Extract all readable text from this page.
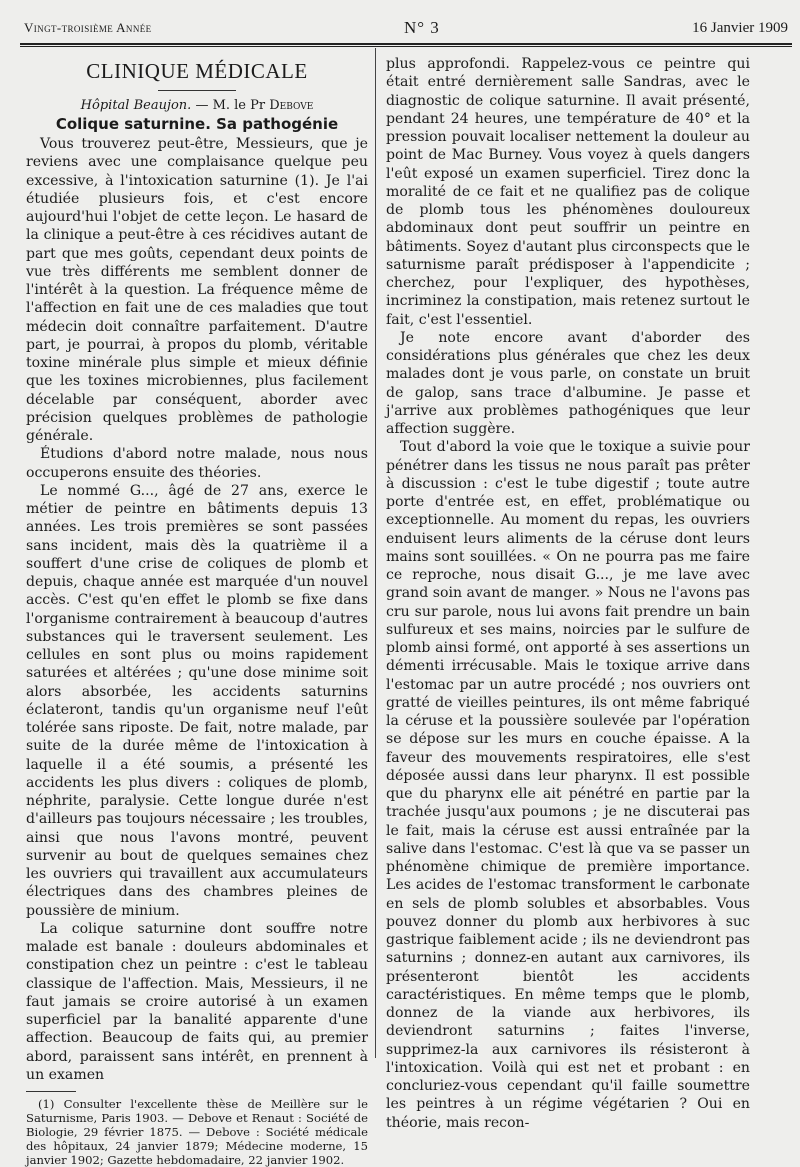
Vingt-troisième Année	N° 3	16 Janvier 1909
CLINIQUE MÉDICALE
Hôpital Beaujon. — M. le Pr Debove
Colique saturnine. Sa pathogénie

Vous trouverez peut-être, Messieurs, que je reviens avec une complaisance quelque peu excessive, à l'intoxication saturnine (1). Je l'ai étudiée plusieurs fois, et c'est encore aujourd'hui l'objet de cette leçon. Le hasard de la clinique a peut-être à ces récidives autant de part que mes goûts, cependant deux points de vue très différents me semblent donner de l'intérêt à la question. La fréquence même de l'affection en fait une de ces maladies que tout médecin doit connaître parfaitement. D'autre part, je pourrai, à propos du plomb, véritable toxine minérale plus simple et mieux définie que les toxines microbiennes, plus facilement décelable par conséquent, aborder avec précision quelques problèmes de pathologie générale.

Étudions d'abord notre malade, nous nous occuperons ensuite des théories.

Le nommé G..., âgé de 27 ans, exerce le métier de peintre en bâtiments depuis 13 années. Les trois premières se sont passées sans incident, mais dès la quatrième il a souffert d'une crise de coliques de plomb et depuis, chaque année est marquée d'un nouvel accès. C'est qu'en effet le plomb se fixe dans l'organisme contrairement à beaucoup d'autres substances qui le traversent seulement. Les cellules en sont plus ou moins rapidement saturées et altérées ; qu'une dose minime soit alors absorbée, les accidents saturnins éclateront, tandis qu'un organisme neuf l'eût tolérée sans riposte. De fait, notre malade, par suite de la durée même de l'intoxication à laquelle il a été soumis, a présenté les accidents les plus divers : coliques de plomb, néphrite, paralysie. Cette longue durée n'est d'ailleurs pas toujours nécessaire ; les troubles, ainsi que nous l'avons montré, peuvent survenir au bout de quelques semaines chez les ouvriers qui travaillent aux accumulateurs électriques dans des chambres pleines de poussière de minium.

La colique saturnine dont souffre notre malade est banale : douleurs abdominales et constipation chez un peintre : c'est le tableau classique de l'affection. Mais, Messieurs, il ne faut jamais se croire autorisé à un examen superficiel par la banalité apparente d'une affection. Beaucoup de faits qui, au premier abord, paraissent sans intérêt, en prennent à un examen

(1) Consulter l'excellente thèse de Meillère sur le Saturnisme, Paris 1903. — Debove et Renaut : Société de Biologie, 29 février 1875. — Debove : Société médicale des hôpitaux, 24 janvier 1879; Médecine moderne, 15 janvier 1902; Gazette hebdomadaire, 22 janvier 1902.

plus approfondi. Rappelez-vous ce peintre qui était entré dernièrement salle Sandras, avec le diagnostic de colique saturnine. Il avait présenté, pendant 24 heures, une température de 40° et la pression pouvait localiser nettement la douleur au point de Mac Burney. Vous voyez à quels dangers l'eût exposé un examen superficiel. Tirez donc la moralité de ce fait et ne qualifiez pas de colique de plomb tous les phénomènes douloureux abdominaux dont peut souffrir un peintre en bâtiments. Soyez d'autant plus circonspects que le saturnisme paraît prédisposer à l'appendicite ; cherchez, pour l'expliquer, des hypothèses, incriminez la constipation, mais retenez surtout le fait, c'est l'essentiel.

Je note encore avant d'aborder des considérations plus générales que chez les deux malades dont je vous parle, on constate un bruit de galop, sans trace d'albumine. Je passe et j'arrive aux problèmes pathogéniques que leur affection suggère.

Tout d'abord la voie que le toxique a suivie pour pénétrer dans les tissus ne nous paraît pas prêter à discussion : c'est le tube digestif ; toute autre porte d'entrée est, en effet, problématique ou exceptionnelle. Au moment du repas, les ouvriers enduisent leurs aliments de la céruse dont leurs mains sont souillées. « On ne pourra pas me faire ce reproche, nous disait G..., je me lave avec grand soin avant de manger. » Nous ne l'avons pas cru sur parole, nous lui avons fait prendre un bain sulfureux et ses mains, noircies par le sulfure de plomb ainsi formé, ont apporté à ses assertions un démenti irrécusable. Mais le toxique arrive dans l'estomac par un autre procédé ; nos ouvriers ont gratté de vieilles peintures, ils ont même fabriqué la céruse et la poussière soulevée par l'opération se dépose sur les murs en couche épaisse. A la faveur des mouvements respiratoires, elle s'est déposée aussi dans leur pharynx. Il est possible que du pharynx elle ait pénétré en partie par la trachée jusqu'aux poumons ; je ne discuterai pas le fait, mais la céruse est aussi entraînée par la salive dans l'estomac. C'est là que va se passer un phénomène chimique de première importance. Les acides de l'estomac transforment le carbonate en sels de plomb solubles et absorbables. Vous pouvez donner du plomb aux herbivores à suc gastrique faiblement acide ; ils ne deviendront pas saturnins ; donnez-en autant aux carnivores, ils présenteront bientôt les accidents caractéristiques. En même temps que le plomb, donnez de la viande aux herbivores, ils deviendront saturnins ; faites l'inverse, supprimez-la aux carnivores ils résisteront à l'intoxication. Voilà qui est net et probant : en concluriez-vous cependant qu'il faille soumettre les peintres à un régime végétarien ? Oui en théorie, mais recon-
